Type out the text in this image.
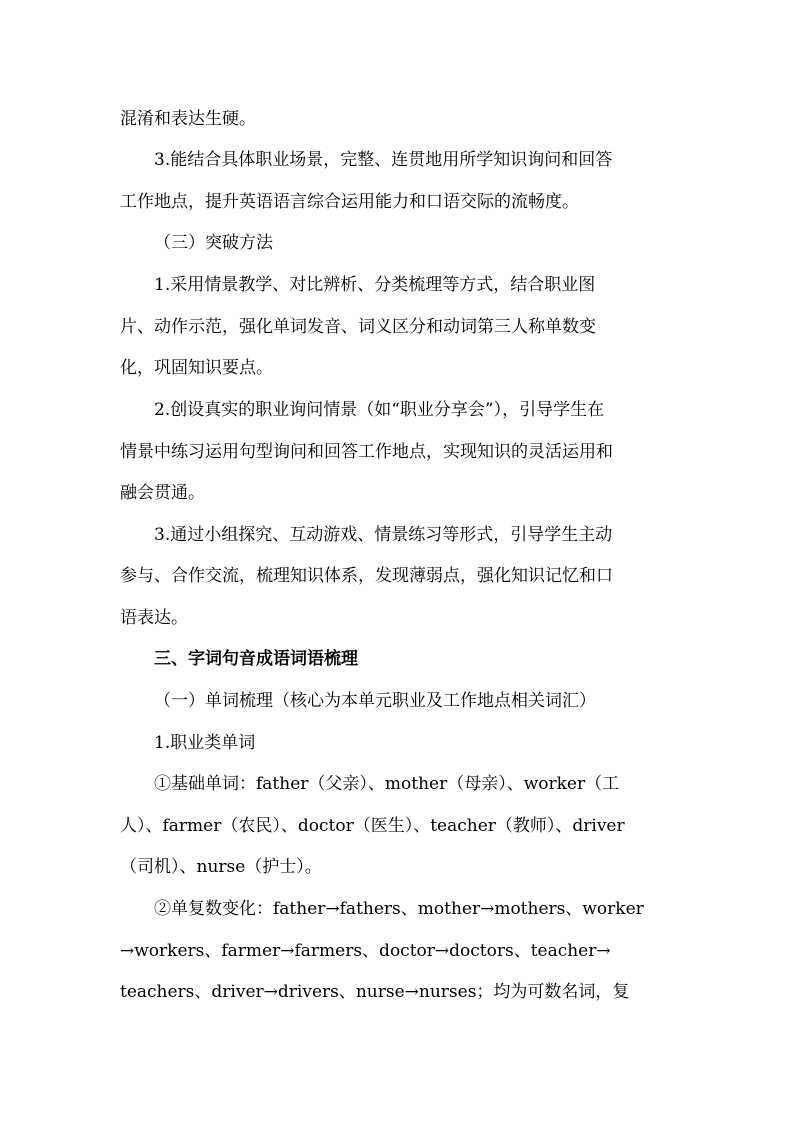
混淆和表达生硬。
3.能结合具体职业场景，完整、连贯地用所学知识询问和回答
工作地点，提升英语语言综合运用能力和口语交际的流畅度。
（三）突破方法
1.采用情景教学、对比辨析、分类梳理等方式，结合职业图
片、动作示范，强化单词发音、词义区分和动词第三人称单数变
化，巩固知识要点。
2.创设真实的职业询问情景（如“职业分享会”），引导学生在
情景中练习运用句型询问和回答工作地点，实现知识的灵活运用和
融会贯通。
3.通过小组探究、互动游戏、情景练习等形式，引导学生主动
参与、合作交流，梳理知识体系，发现薄弱点，强化知识记忆和口
语表达。
三、字词句音成语词语梳理
（一）单词梳理（核心为本单元职业及工作地点相关词汇）
1.职业类单词
①基础单词：father（父亲）、mother（母亲）、worker（工
人）、farmer（农民）、doctor（医生）、teacher（教师）、driver
（司机）、nurse（护士）。
②单复数变化：father→fathers、mother→mothers、worker
→workers、farmer→farmers、doctor→doctors、teacher→
teachers、driver→drivers、nurse→nurses；均为可数名词，复
